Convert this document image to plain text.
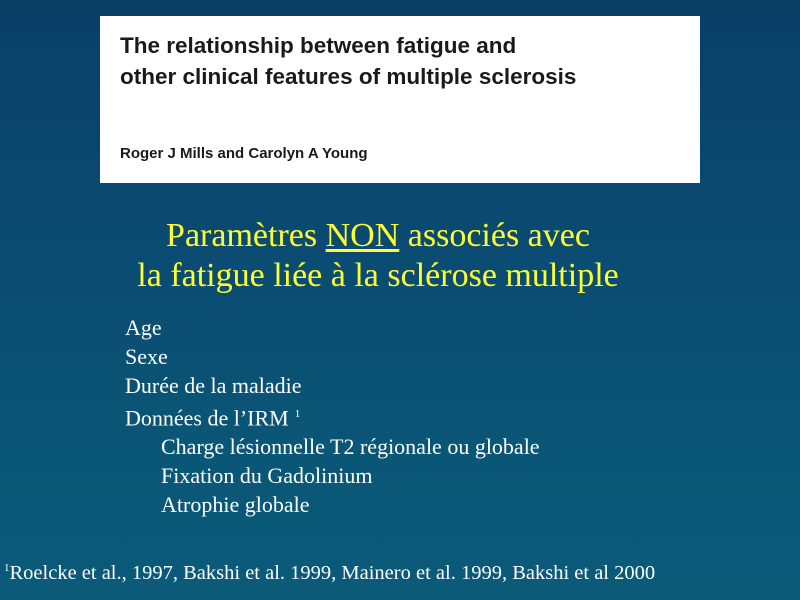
The relationship between fatigue and
other clinical features of multiple sclerosis

Roger J Mills and Carolyn A Young

Paramètres NON associés avec
la fatigue liée à la sclérose multiple
Age
Sexe
Durée de la maladie
Données de l’IRM $^1$
Charge lésionnelle T2 régionale ou globale
Fixation du Gadolinium
Atrophie globale

$^1$Roelcke et al., 1997, Bakshi et al. 1999, Mainero et al. 1999, Bakshi et al 2000
